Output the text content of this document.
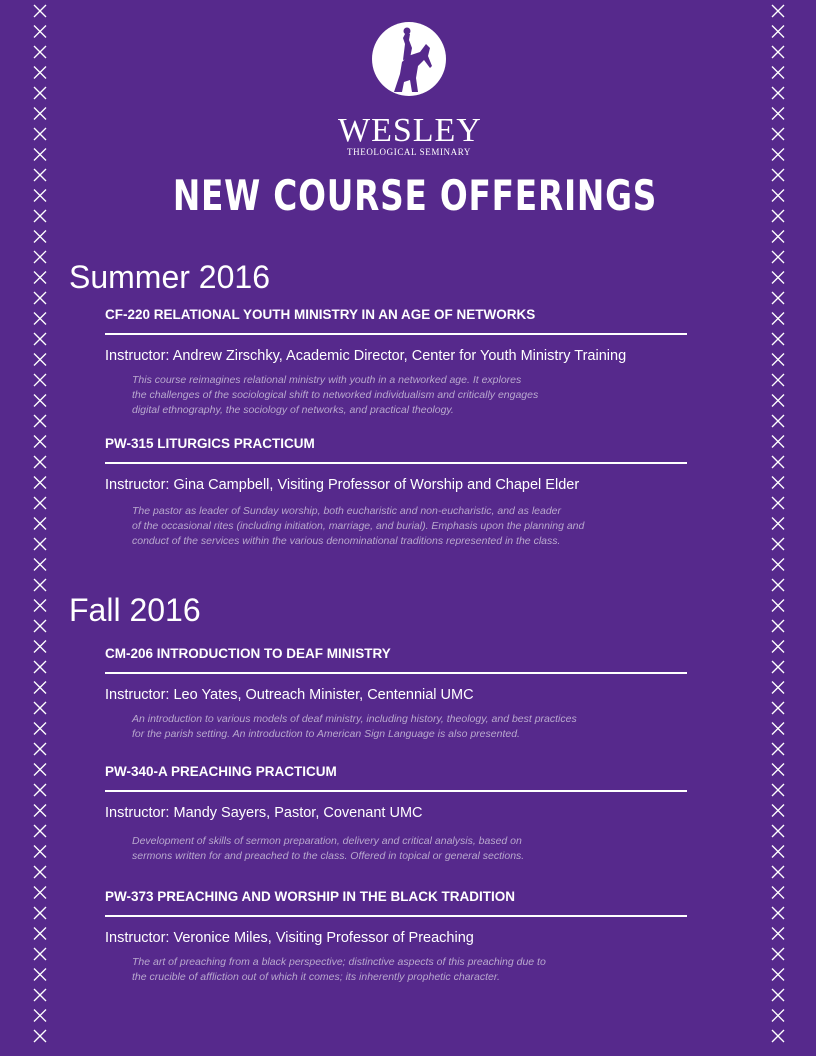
WESLEY
THEOLOGICAL SEMINARY
NEW COURSE OFFERINGS
Summer 2016
CF-220 RELATIONAL YOUTH MINISTRY IN AN AGE OF NETWORKS
Instructor: Andrew Zirschky, Academic Director, Center for Youth Ministry Training
This course reimagines relational ministry with youth in a networked age. It explores
the challenges of the sociological shift to networked individualism and critically engages
digital ethnography, the sociology of networks, and practical theology.
PW-315 LITURGICS PRACTICUM
Instructor: Gina Campbell, Visiting Professor of Worship and Chapel Elder
The pastor as leader of Sunday worship, both eucharistic and non-eucharistic, and as leader
of the occasional rites (including initiation, marriage, and burial). Emphasis upon the planning and
conduct of the services within the various denominational traditions represented in the class.
Fall 2016
CM-206 INTRODUCTION TO DEAF MINISTRY
Instructor: Leo Yates, Outreach Minister, Centennial UMC
An introduction to various models of deaf ministry, including history, theology, and best practices
for the parish setting. An introduction to American Sign Language is also presented.
PW-340-A PREACHING PRACTICUM
Instructor: Mandy Sayers, Pastor, Covenant UMC
Development of skills of sermon preparation, delivery and critical analysis, based on
sermons written for and preached to the class. Offered in topical or general sections.
PW-373 PREACHING AND WORSHIP IN THE BLACK TRADITION
Instructor: Veronice Miles, Visiting Professor of Preaching
The art of preaching from a black perspective; distinctive aspects of this preaching due to
the crucible of affliction out of which it comes; its inherently prophetic character.
